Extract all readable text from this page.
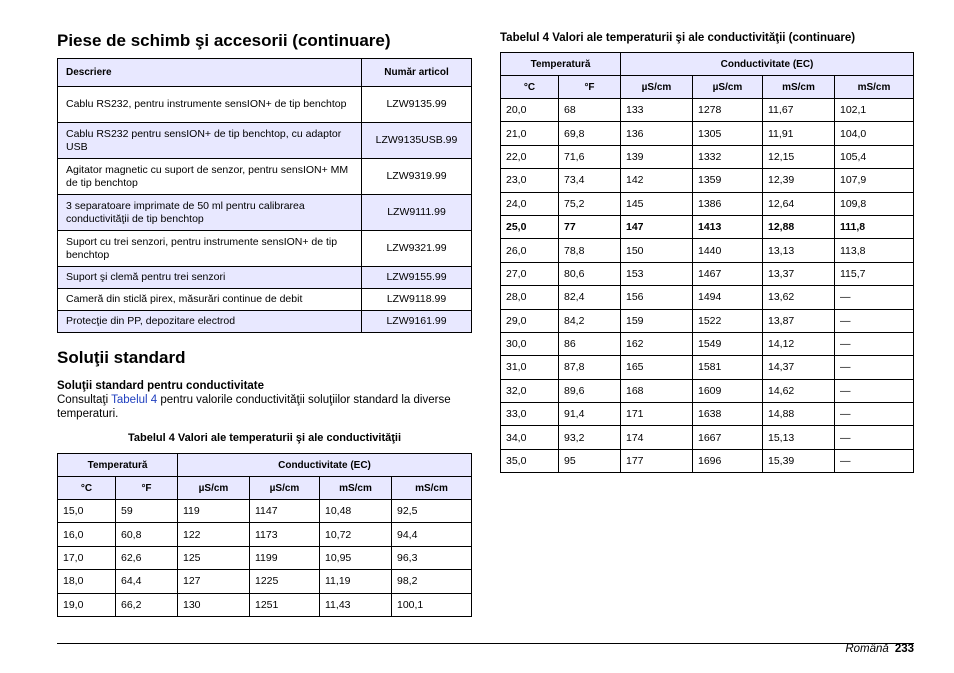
Piese de schimb şi accesorii (continuare)
Descriere	Număr articol
Cablu RS232, pentru instrumente sensION+ de tip benchtop	LZW9135.99
Cablu RS232 pentru sensION+ de tip benchtop, cu adaptor USB	LZW9135USB.99
Agitator magnetic cu suport de senzor, pentru sensION+ MM de tip benchtop	LZW9319.99
3 separatoare imprimate de 50 ml pentru calibrarea conductivităţii de tip benchtop	LZW9111.99
Suport cu trei senzori, pentru instrumente sensION+ de tip benchtop	LZW9321.99
Suport şi clemă pentru trei senzori	LZW9155.99
Cameră din sticlă pirex, măsurări continue de debit	LZW9118.99
Protecţie din PP, depozitare electrod	LZW9161.99
Soluţii standard
Soluţii standard pentru conductivitate

Consultaţi Tabelul 4 pentru valorile conductivităţii soluţiilor standard la diverse temperaturi.

Tabelul 4 Valori ale temperaturii şi ale conductivităţii
Temperatură		Conductivitate (EC)			
°C	°F	µS/cm	µS/cm	mS/cm	mS/cm
15,0	59	119	1147	10,48	92,5
16,0	60,8	122	1173	10,72	94,4
17,0	62,6	125	1199	10,95	96,3
18,0	64,4	127	1225	11,19	98,2
19,0	66,2	130	1251	11,43	100,1
Tabelul 4 Valori ale temperaturii şi ale conductivităţii (continuare)
Temperatură		Conductivitate (EC)			
°C	°F	µS/cm	µS/cm	mS/cm	mS/cm
20,0	68	133	1278	11,67	102,1
21,0	69,8	136	1305	11,91	104,0
22,0	71,6	139	1332	12,15	105,4
23,0	73,4	142	1359	12,39	107,9
24,0	75,2	145	1386	12,64	109,8
25,0	77	147	1413	12,88	111,8
26,0	78,8	150	1440	13,13	113,8
27,0	80,6	153	1467	13,37	115,7
28,0	82,4	156	1494	13,62	—
29,0	84,2	159	1522	13,87	—
30,0	86	162	1549	14,12	—
31,0	87,8	165	1581	14,37	—
32,0	89,6	168	1609	14,62	—
33,0	91,4	171	1638	14,88	—
34,0	93,2	174	1667	15,13	—
35,0	95	177	1696	15,39	—
Română 233
